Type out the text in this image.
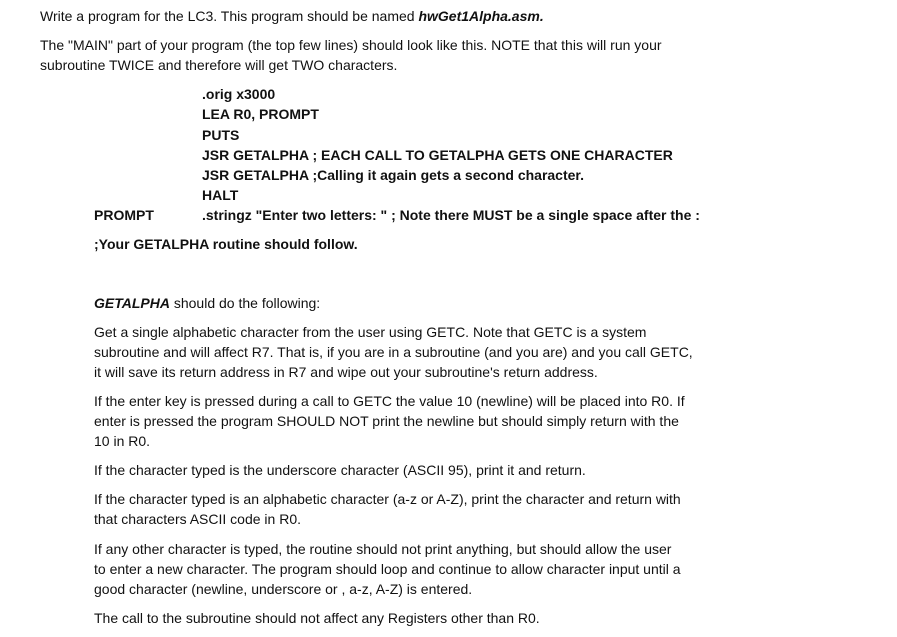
Write a program for the LC3. This program should be named hwGet1Alpha.asm.
The "MAIN" part of your program (the top few lines) should look like this. NOTE that this will run your
subroutine TWICE and therefore will get TWO characters.
.orig x3000
LEA R0, PROMPT
PUTS
JSR GETALPHA ; EACH CALL TO GETALPHA GETS ONE CHARACTER
JSR GETALPHA ;Calling it again gets a second character.
HALT
PROMPT	.stringz "Enter two letters: " ; Note there MUST be a single space after the :
;Your GETALPHA routine should follow.
GETALPHA should do the following:
Get a single alphabetic character from the user using GETC. Note that GETC is a system
subroutine and will affect R7. That is, if you are in a subroutine (and you are) and you call GETC,
it will save its return address in R7 and wipe out your subroutine's return address.
If the enter key is pressed during a call to GETC the value 10 (newline) will be placed into R0. If
enter is pressed the program SHOULD NOT print the newline but should simply return with the
10 in R0.
If the character typed is the underscore character (ASCII 95), print it and return.
If the character typed is an alphabetic character (a-z or A-Z), print the character and return with
that characters ASCII code in R0.
If any other character is typed, the routine should not print anything, but should allow the user
to enter a new character. The program should loop and continue to allow character input until a
good character (newline, underscore or , a-z, A-Z) is entered.
The call to the subroutine should not affect any Registers other than R0.
